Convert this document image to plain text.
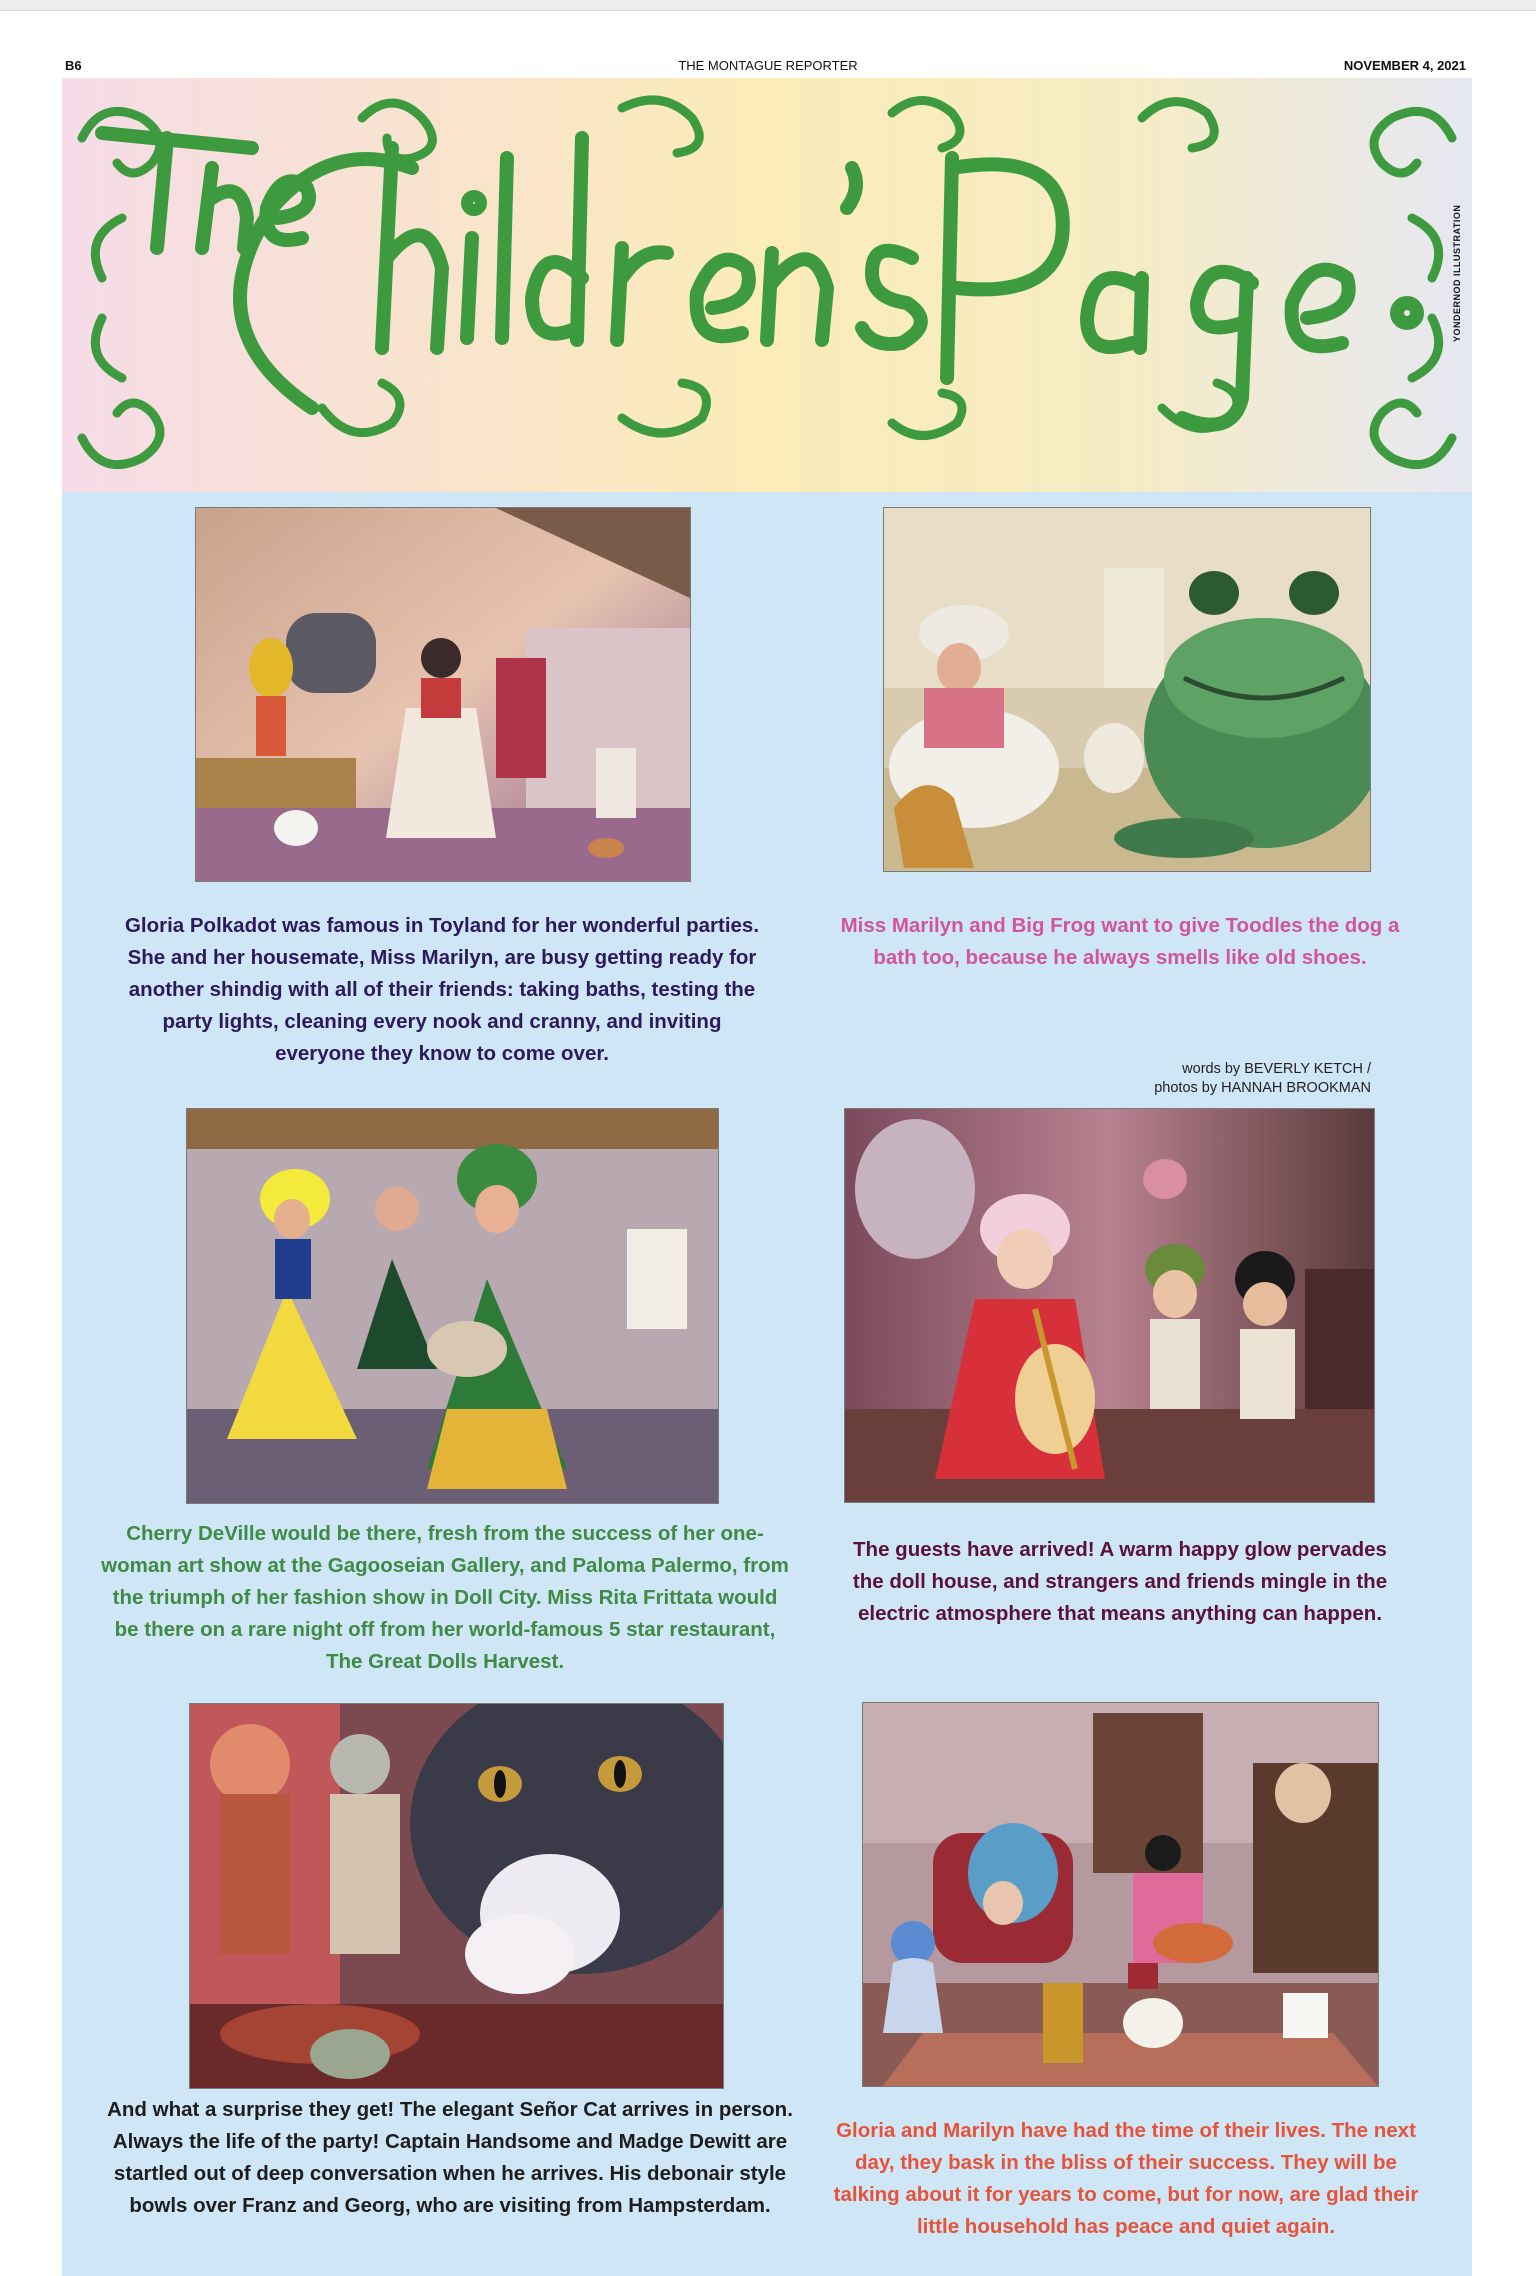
B6	THE MONTAGUE REPORTER	NOVEMBER 4, 2021
YONDERNOD ILLUSTRATION
Gloria Polkadot was famous in Toyland for her wonderful parties. She and her housemate, Miss Marilyn, are busy getting ready for another shindig with all of their friends: taking baths, testing the party lights, cleaning every nook and cranny, and inviting everyone they know to come over.
Miss Marilyn and Big Frog want to give Toodles the dog a bath too, because he always smells like old shoes.
words by BEVERLY KETCH /
photos by HANNAH BROOKMAN
Cherry DeVille would be there, fresh from the success of her one-woman art show at the Gagooseian Gallery, and Paloma Palermo, from the triumph of her fashion show in Doll City. Miss Rita Frittata would be there on a rare night off from her world-famous 5 star restaurant, The Great Dolls Harvest.
The guests have arrived! A warm happy glow pervades the doll house, and strangers and friends mingle in the electric atmosphere that means anything can happen.
And what a surprise they get! The elegant Señor Cat arrives in person. Always the life of the party! Captain Handsome and Madge Dewitt are startled out of deep conversation when he arrives. His debonair style bowls over Franz and Georg, who are visiting from Hampsterdam.
Gloria and Marilyn have had the time of their lives. The next day, they bask in the bliss of their success. They will be talking about it for years to come, but for now, are glad their little household has peace and quiet again.
